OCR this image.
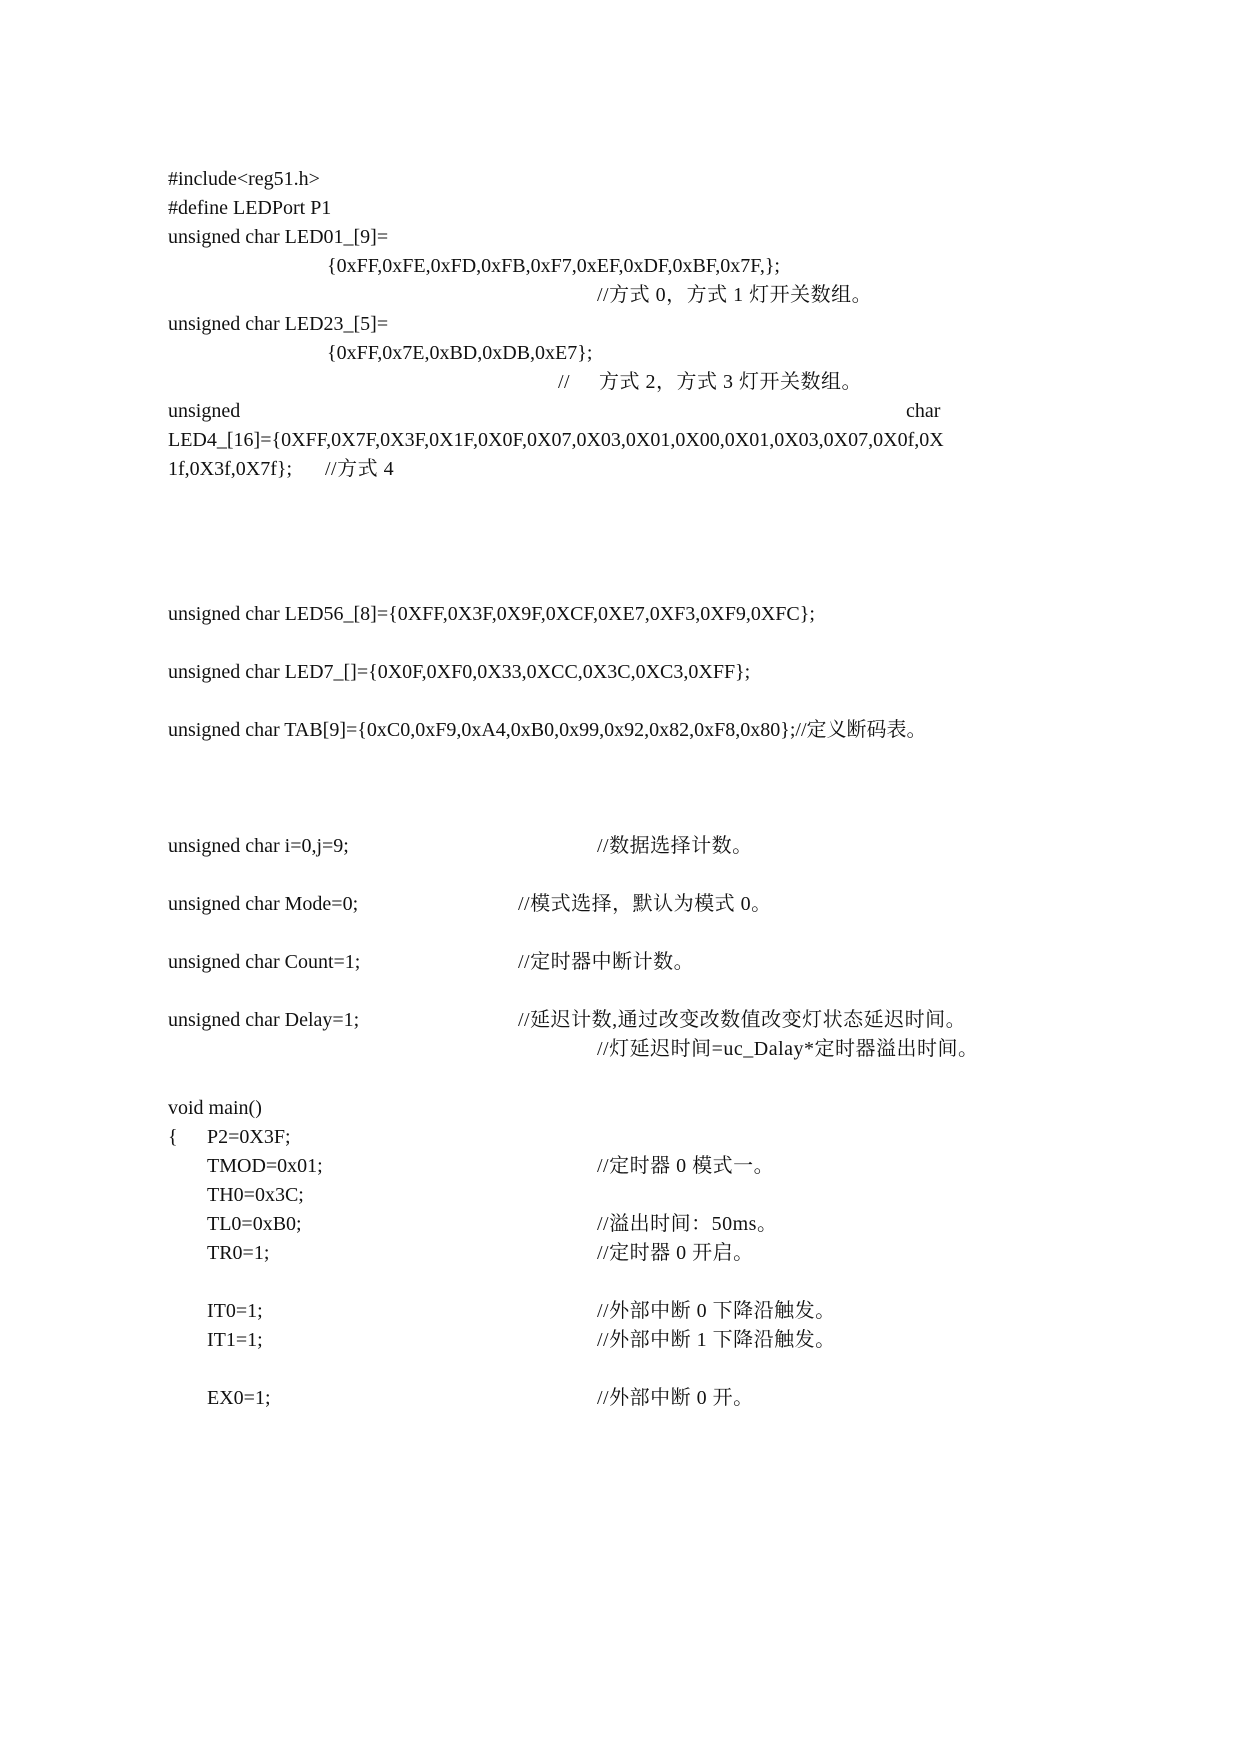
#include<reg51.h>
#define LEDPort P1
unsigned char LED01_[9]=
{0xFF,0xFE,0xFD,0xFB,0xF7,0xEF,0xDF,0xBF,0x7F,};
//方式 0，方式 1 灯开关数组。
unsigned char LED23_[5]=
{0xFF,0x7E,0xBD,0xDB,0xE7};
// 方式 2，方式 3 灯开关数组。
unsigned	char
LED4_[16]={0XFF,0X7F,0X3F,0X1F,0X0F,0X07,0X03,0X01,0X00,0X01,0X03,0X07,0X0f,0X
1f,0X3f,0X7f}; //方式 4
unsigned char LED56_[8]={0XFF,0X3F,0X9F,0XCF,0XE7,0XF3,0XF9,0XFC};
unsigned char LED7_[]={0X0F,0XF0,0X33,0XCC,0X3C,0XC3,0XFF};
unsigned char TAB[9]={0xC0,0xF9,0xA4,0xB0,0x99,0x92,0x82,0xF8,0x80};//定义断码表。
unsigned char i=0,j=9;	//数据选择计数。
unsigned char Mode=0;	//模式选择，默认为模式 0。
unsigned char Count=1;	//定时器中断计数。
unsigned char Delay=1;	//延迟计数,通过改变改数值改变灯状态延迟时间。
//灯延迟时间=uc_Dalay*定时器溢出时间。
void main()
{ P2=0X3F;
TMOD=0x01;	//定时器 0 模式一。
TH0=0x3C;
TL0=0xB0;	//溢出时间：50ms。
TR0=1;	//定时器 0 开启。
IT0=1;	//外部中断 0 下降沿触发。
IT1=1;	//外部中断 1 下降沿触发。
EX0=1;	//外部中断 0 开。
